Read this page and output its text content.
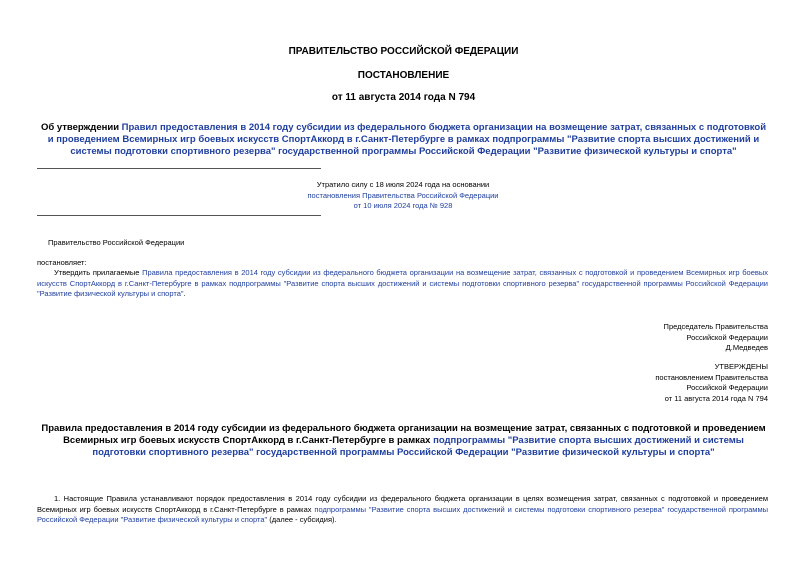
ПРАВИТЕЛЬСТВО РОССИЙСКОЙ ФЕДЕРАЦИИ
ПОСТАНОВЛЕНИЕ
от 11 августа 2014 года N 794
Об утверждении Правил предоставления в 2014 году субсидии из федерального бюджета организации на возмещение затрат, связанных с подготовкой и проведением Всемирных игр боевых искусств СпортАккорд в г.Санкт-Петербурге в рамках подпрограммы "Развитие спорта высших достижений и системы подготовки спортивного резерва" государственной программы Российской Федерации "Развитие физической культуры и спорта"
Утратило силу с 18 июля 2024 года на основании
постановления Правительства Российской Федерации
от 10 июля 2024 года № 928
Правительство Российской Федерации
постановляет:
Утвердить прилагаемые Правила предоставления в 2014 году субсидии из федерального бюджета организации на возмещение затрат, связанных с подготовкой и проведением Всемирных игр боевых искусств СпортАккорд в г.Санкт-Петербурге в рамках подпрограммы "Развитие спорта высших достижений и системы подготовки спортивного резерва" государственной программы Российской Федерации "Развитие физической культуры и спорта".
Председатель Правительства
Российской Федерации
Д.Медведев
УТВЕРЖДЕНЫ
постановлением Правительства
Российской Федерации
от 11 августа 2014 года N 794
Правила предоставления в 2014 году субсидии из федерального бюджета организации на возмещение затрат, связанных с подготовкой и проведением Всемирных игр боевых искусств СпортАккорд в г.Санкт-Петербурге в рамках подпрограммы "Развитие спорта высших достижений и системы подготовки спортивного резерва" государственной программы Российской Федерации "Развитие физической культуры и спорта"
1. Настоящие Правила устанавливают порядок предоставления в 2014 году субсидии из федерального бюджета организации в целях возмещения затрат, связанных с подготовкой и проведением Всемирных игр боевых искусств СпортАккорд в г.Санкт-Петербурге в рамках подпрограммы "Развитие спорта высших достижений и системы подготовки спортивного резерва" государственной программы Российской Федерации "Развитие физической культуры и спорта" (далее - субсидия).
